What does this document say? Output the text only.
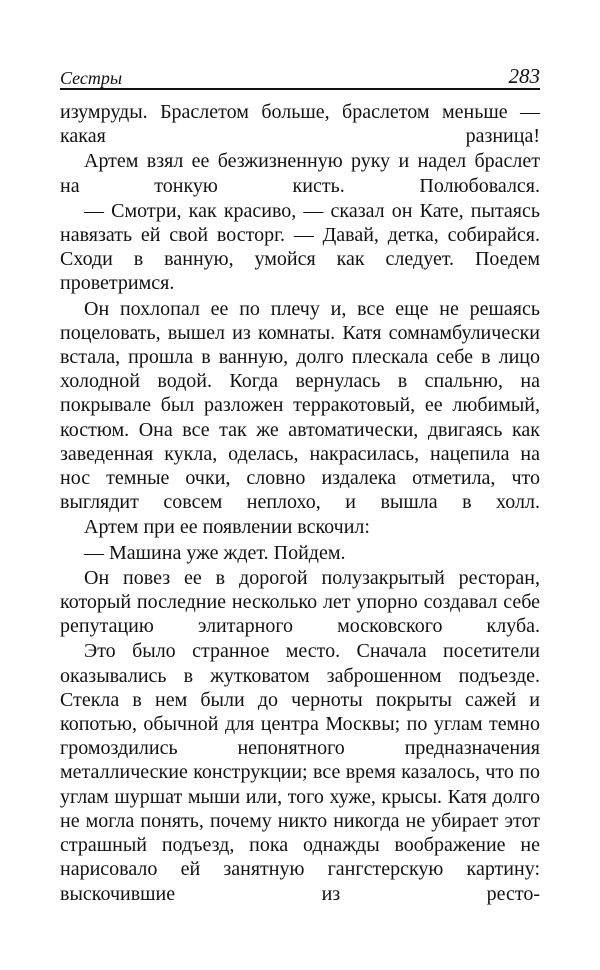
Сестры	283

изумруды. Браслетом больше, браслетом меньше — какая разница!

Артем взял ее безжизненную руку и надел браслет на тонкую кисть. Полюбовался.

— Смотри, как красиво, — сказал он Кате, пытаясь навязать ей свой восторг. — Давай, детка, собирайся. Сходи в ванную, умойся как следует. Поедем проветримся.

Он похлопал ее по плечу и, все еще не решаясь поцеловать, вышел из комнаты. Катя сомнамбулически встала, прошла в ванную, долго плескала себе в лицо холодной водой. Когда вернулась в спальню, на покрывале был разложен терракотовый, ее любимый, костюм. Она все так же автоматически, двигаясь как заведенная кукла, оделась, накрасилась, нацепила на нос темные очки, словно издалека отметила, что выглядит совсем неплохо, и вышла в холл.

Артем при ее появлении вскочил:

— Машина уже ждет. Пойдем.

Он повез ее в дорогой полузакрытый ресторан, который последние несколько лет упорно создавал себе репутацию элитарного московского клуба.

Это было странное место. Сначала посетители оказывались в жутковатом заброшенном подъезде. Стекла в нем были до черноты покрыты сажей и копотью, обычной для центра Москвы; по углам темно громоздились непонятного предназначения металлические конструкции; все время казалось, что по углам шуршат мыши или, того хуже, крысы. Катя долго не могла понять, почему никто никогда не убирает этот страшный подъезд, пока однажды воображение не нарисовало ей занятную гангстерскую картину: выскочившие из ресто-
